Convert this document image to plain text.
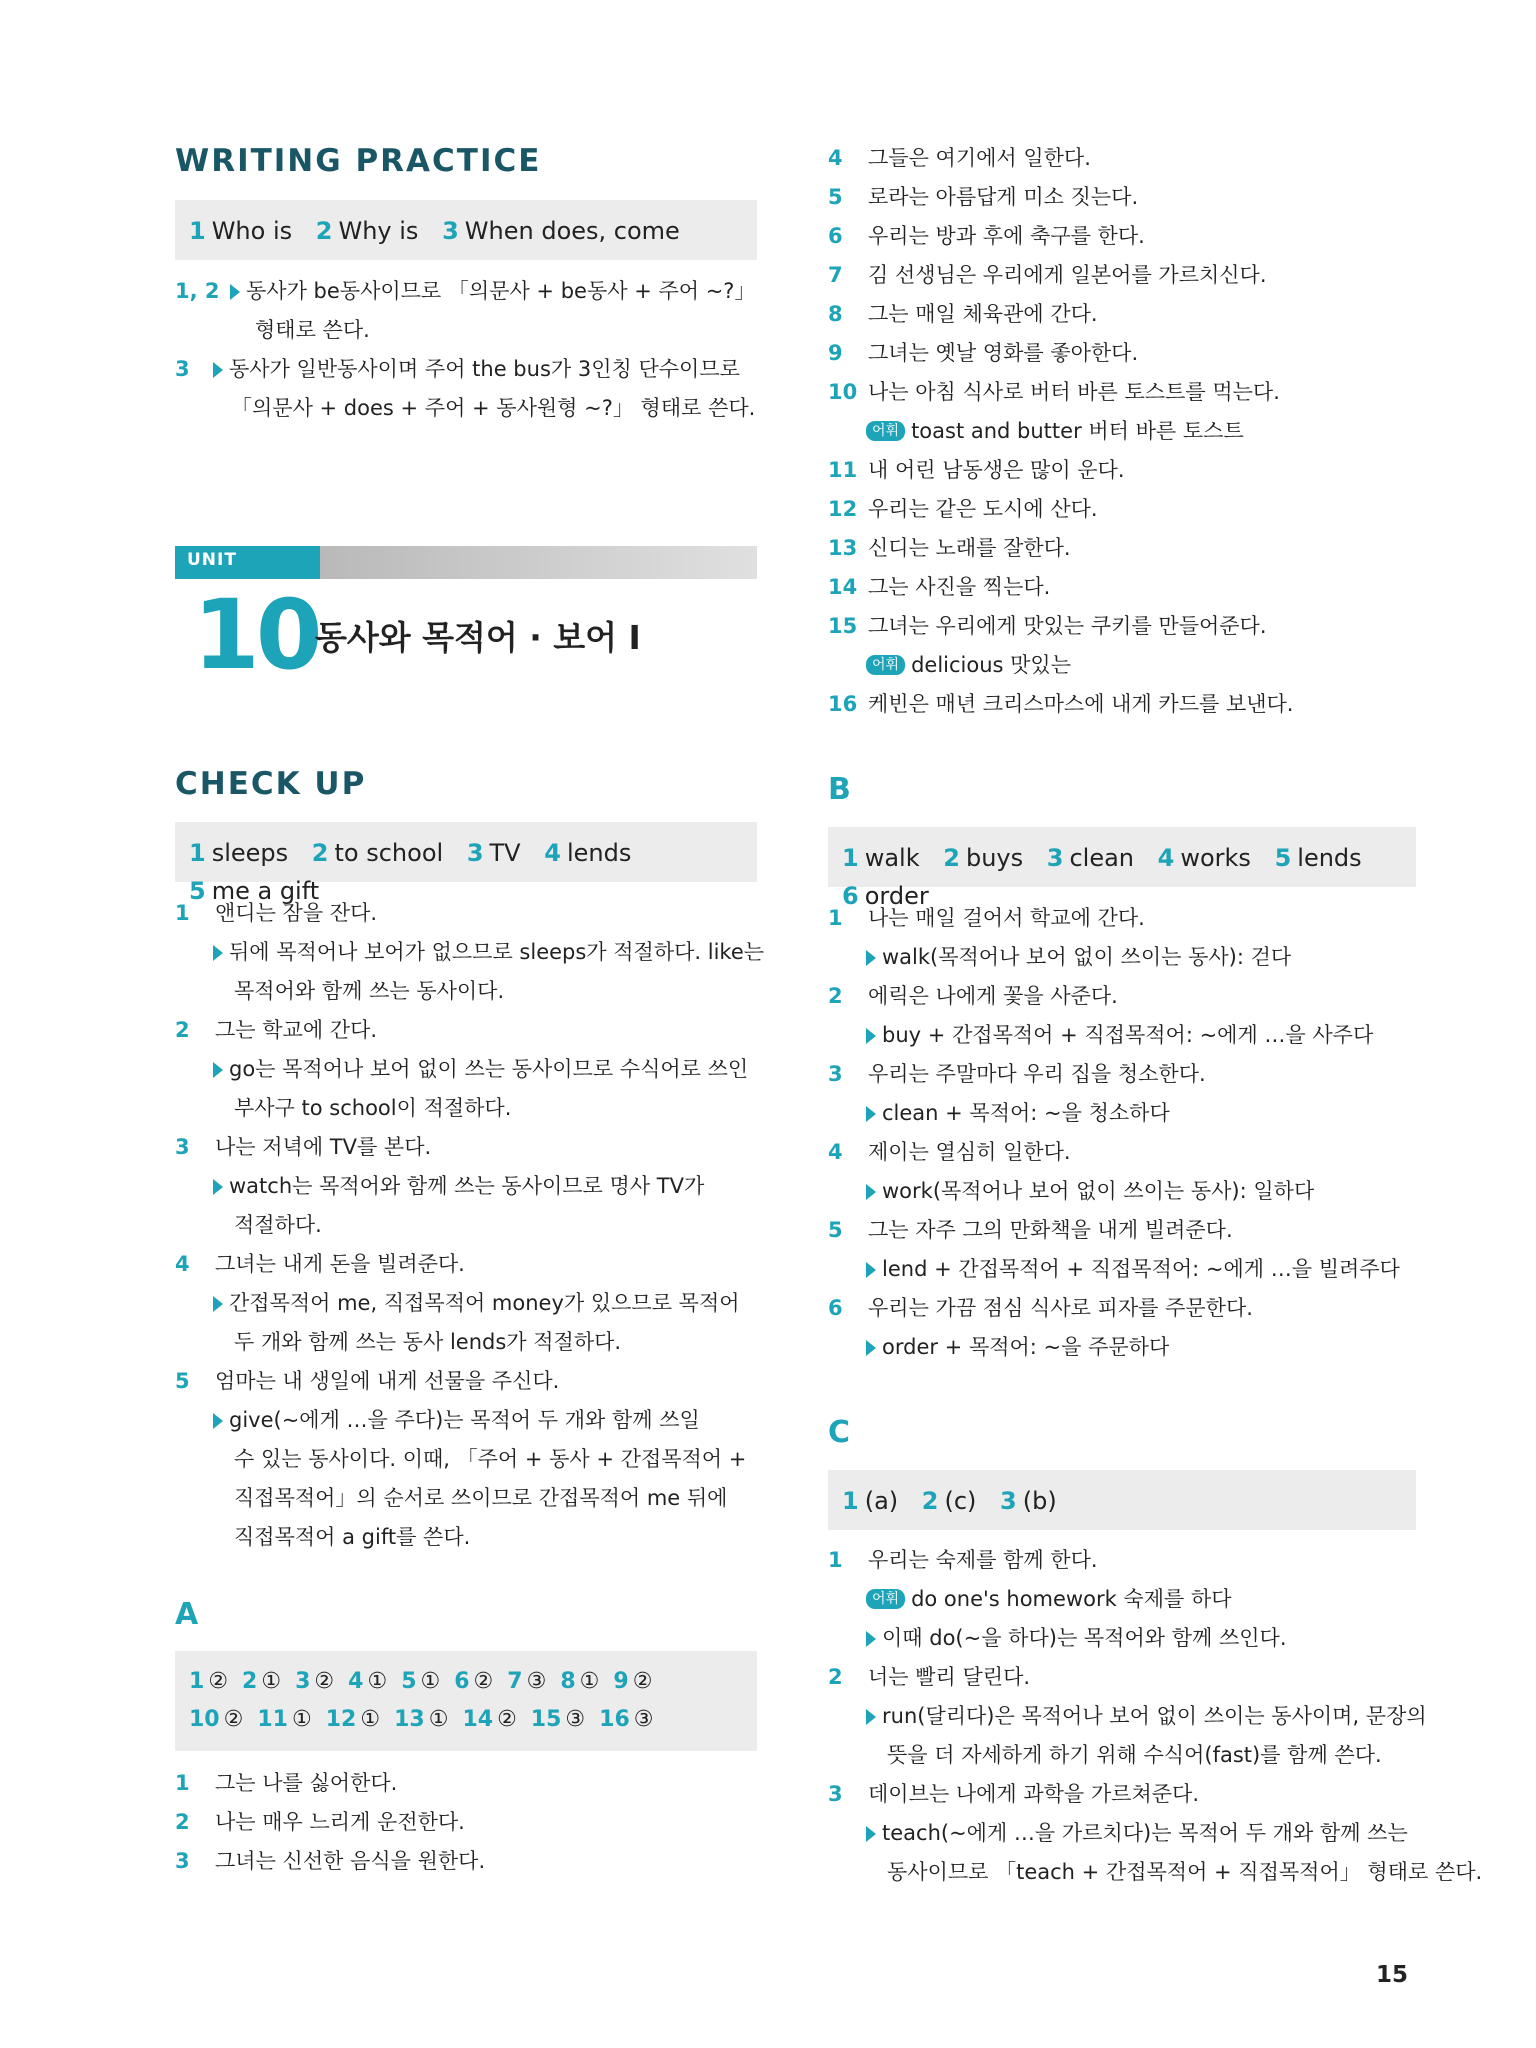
WRITING PRACTICE
1 Who is 2 Why is 3 When does, come
1, 2	동사가 be동사이므로 「의문사 + be동사 + 주어 ~?」
형태로 쓴다.
3	동사가 일반동사이며 주어 the bus가 3인칭 단수이므로
「의문사 + does + 주어 + 동사원형 ~?」 형태로 쓴다.
UNIT
10
동사와 목적어 · 보어 I
CHECK UP
1 sleeps 2 to school 3 TV 4 lends 5 me a gift
1	앤디는 잠을 잔다.
뒤에 목적어나 보어가 없으므로 sleeps가 적절하다. like는
목적어와 함께 쓰는 동사이다.
2	그는 학교에 간다.
go는 목적어나 보어 없이 쓰는 동사이므로 수식어로 쓰인
부사구 to school이 적절하다.
3	나는 저녁에 TV를 본다.
watch는 목적어와 함께 쓰는 동사이므로 명사 TV가
적절하다.
4	그녀는 내게 돈을 빌려준다.
간접목적어 me, 직접목적어 money가 있으므로 목적어
두 개와 함께 쓰는 동사 lends가 적절하다.
5	엄마는 내 생일에 내게 선물을 주신다.
give(~에게 …을 주다)는 목적어 두 개와 함께 쓰일
수 있는 동사이다. 이때, 「주어 + 동사 + 간접목적어 +
직접목적어」의 순서로 쓰이므로 간접목적어 me 뒤에
직접목적어 a gift를 쓴다.
A
1 ② 2 ① 3 ② 4 ① 5 ① 6 ② 7 ③ 8 ① 9 ②
10 ② 11 ① 12 ① 13 ① 14 ② 15 ③ 16 ③
1	그는 나를 싫어한다.
2	나는 매우 느리게 운전한다.
3	그녀는 신선한 음식을 원한다.
4	그들은 여기에서 일한다.
5	로라는 아름답게 미소 짓는다.
6	우리는 방과 후에 축구를 한다.
7	김 선생님은 우리에게 일본어를 가르치신다.
8	그는 매일 체육관에 간다.
9	그녀는 옛날 영화를 좋아한다.
10 나는 아침 식사로 버터 바른 토스트를 먹는다.
어휘 toast and butter 버터 바른 토스트
11 내 어린 남동생은 많이 운다.
12 우리는 같은 도시에 산다.
13 신디는 노래를 잘한다.
14 그는 사진을 찍는다.
15 그녀는 우리에게 맛있는 쿠키를 만들어준다.
어휘 delicious 맛있는
16 케빈은 매년 크리스마스에 내게 카드를 보낸다.
B
1 walk 2 buys 3 clean 4 works 5 lends 6 order
1	나는 매일 걸어서 학교에 간다.
walk(목적어나 보어 없이 쓰이는 동사): 걷다
2	에릭은 나에게 꽃을 사준다.
buy + 간접목적어 + 직접목적어: ~에게 …을 사주다
3	우리는 주말마다 우리 집을 청소한다.
clean + 목적어: ~을 청소하다
4	제이는 열심히 일한다.
work(목적어나 보어 없이 쓰이는 동사): 일하다
5	그는 자주 그의 만화책을 내게 빌려준다.
lend + 간접목적어 + 직접목적어: ~에게 …을 빌려주다
6	우리는 가끔 점심 식사로 피자를 주문한다.
order + 목적어: ~을 주문하다
C
1 (a) 2 (c) 3 (b)
1	우리는 숙제를 함께 한다.
어휘 do one's homework 숙제를 하다
이때 do(~을 하다)는 목적어와 함께 쓰인다.
2	너는 빨리 달린다.
run(달리다)은 목적어나 보어 없이 쓰이는 동사이며, 문장의
뜻을 더 자세하게 하기 위해 수식어(fast)를 함께 쓴다.
3	데이브는 나에게 과학을 가르쳐준다.
teach(~에게 …을 가르치다)는 목적어 두 개와 함께 쓰는
동사이므로 「teach + 간접목적어 + 직접목적어」 형태로 쓴다.
15
